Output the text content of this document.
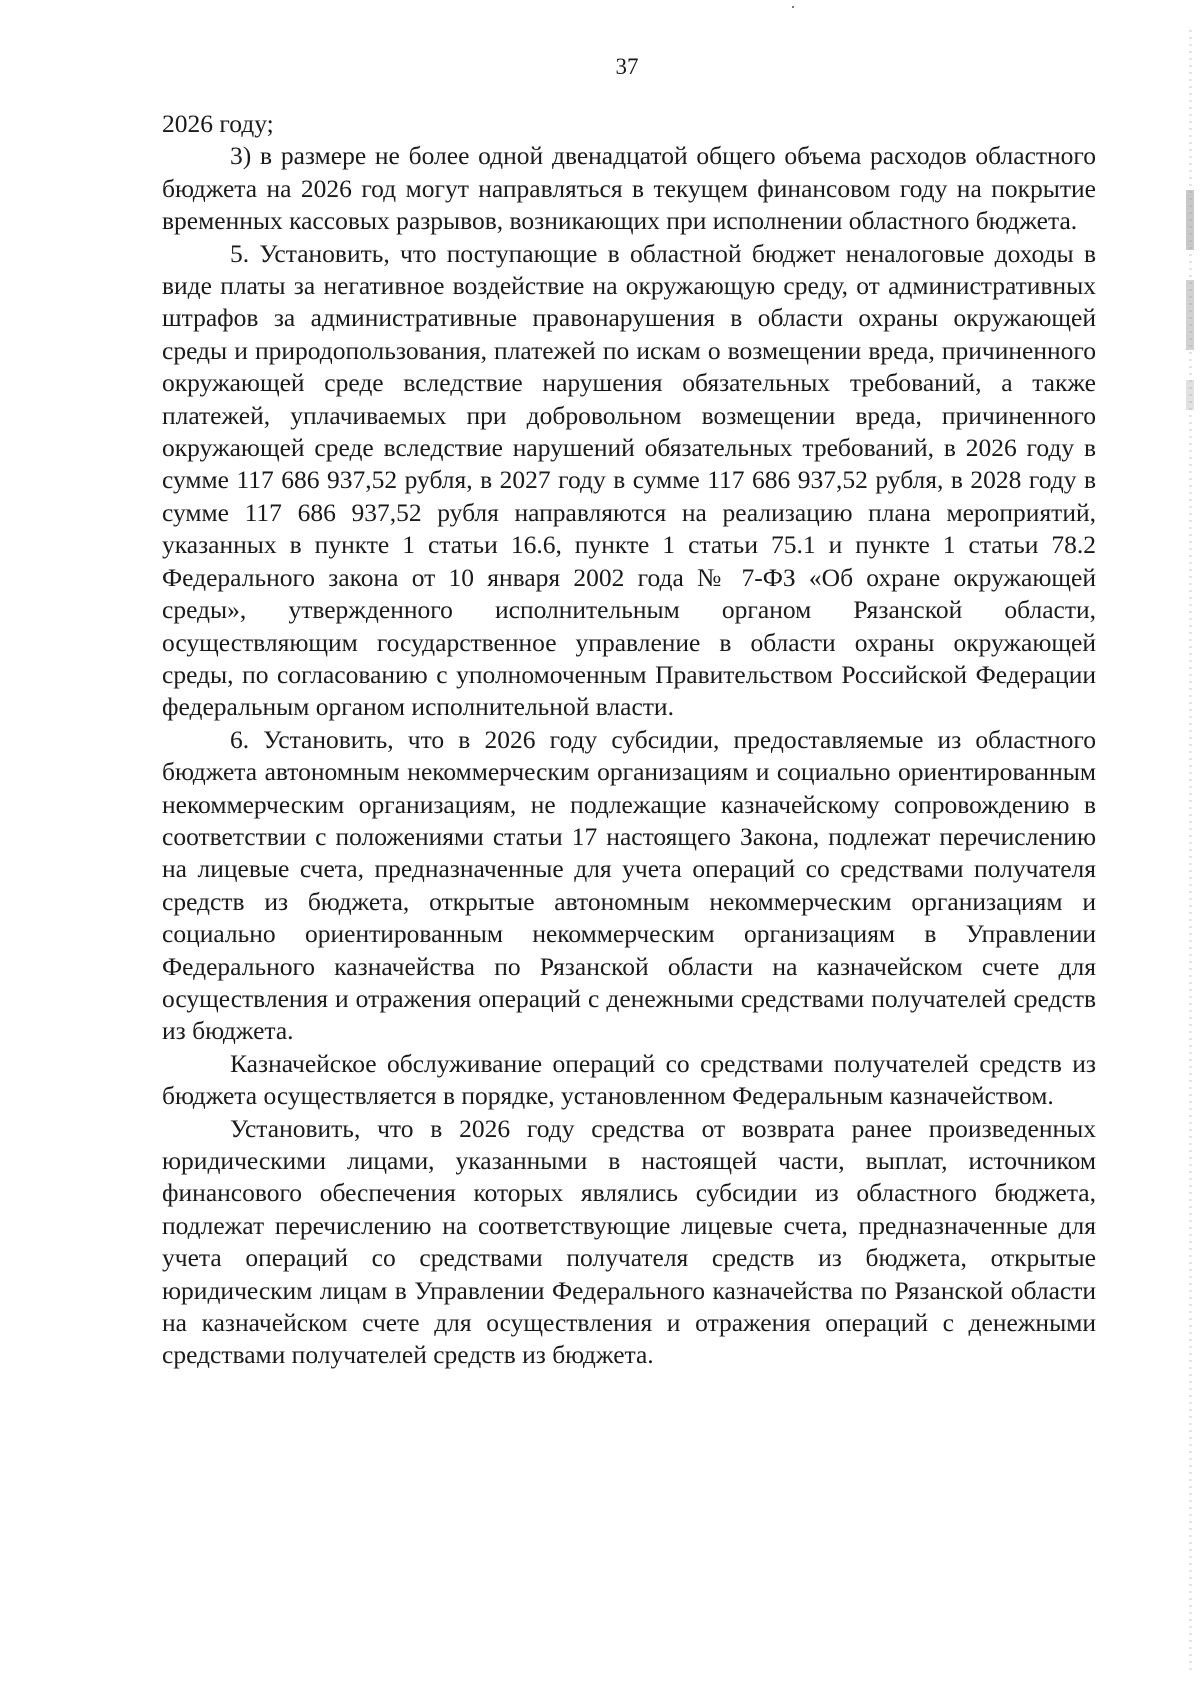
37

2026 году;

3) в размере не более одной двенадцатой общего объема расходов областного бюджета на 2026 год могут направляться в текущем финансовом году на покрытие временных кассовых разрывов, возникающих при исполнении областного бюджета.

5. Установить, что поступающие в областной бюджет неналоговые доходы в виде платы за негативное воздействие на окружающую среду, от административных штрафов за административные правонарушения в области охраны окружающей среды и природопользования, платежей по искам о возмещении вреда, причиненного окружающей среде вследствие нарушения обязательных требований, а также платежей, уплачиваемых при добровольном возмещении вреда, причиненного окружающей среде вследствие нарушений обязательных требований, в 2026 году в сумме 117 686 937,52 рубля, в 2027 году в сумме 117 686 937,52 рубля, в 2028 году в сумме 117 686 937,52 рубля направляются на реализацию плана мероприятий, указанных в пункте 1 статьи 16.6, пункте 1 статьи 75.1 и пункте 1 статьи 78.2 Федерального закона от 10 января 2002 года № 7-ФЗ «Об охране окружающей среды», утвержденного исполнительным органом Рязанской области, осуществляющим государственное управление в области охраны окружающей среды, по согласованию с уполномоченным Правительством Российской Федерации федеральным органом исполнительной власти.

6. Установить, что в 2026 году субсидии, предоставляемые из областного бюджета автономным некоммерческим организациям и социально ориентированным некоммерческим организациям, не подлежащие казначейскому сопровождению в соответствии с положениями статьи 17 настоящего Закона, подлежат перечислению на лицевые счета, предназначенные для учета операций со средствами получателя средств из бюджета, открытые автономным некоммерческим организациям и социально ориентированным некоммерческим организациям в Управлении Федерального казначейства по Рязанской области на казначейском счете для осуществления и отражения операций с денежными средствами получателей средств из бюджета.

Казначейское обслуживание операций со средствами получателей средств из бюджета осуществляется в порядке, установленном Федеральным казначейством.

Установить, что в 2026 году средства от возврата ранее произведенных юридическими лицами, указанными в настоящей части, выплат, источником финансового обеспечения которых являлись субсидии из областного бюджета, подлежат перечислению на соответствующие лицевые счета, предназначенные для учета операций со средствами получателя средств из бюджета, открытые юридическим лицам в Управлении Федерального казначейства по Рязанской области на казначейском счете для осуществления и отражения операций с денежными средствами получателей средств из бюджета.
